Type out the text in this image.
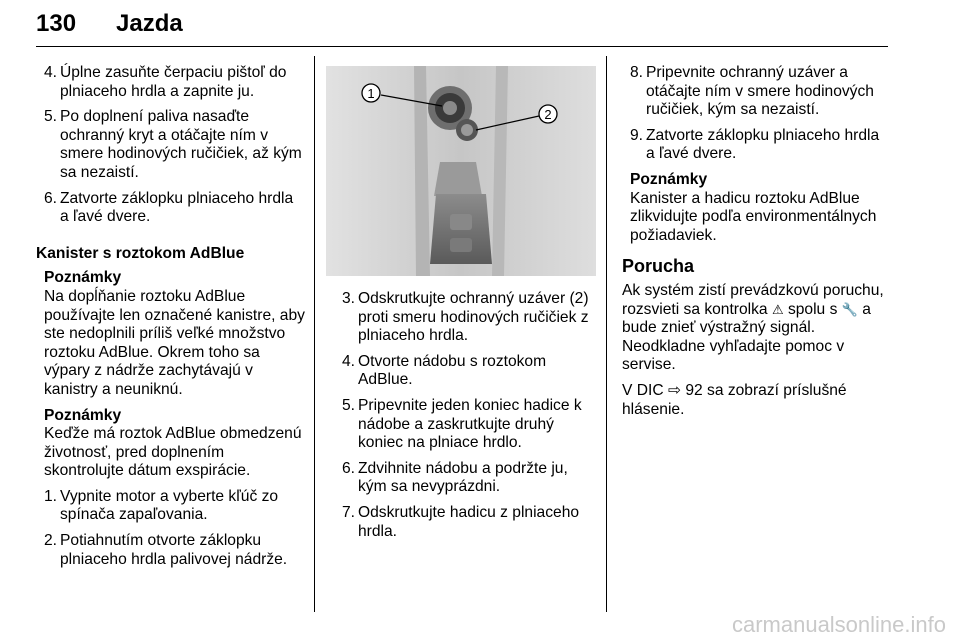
130 Jazda
4. Úplne zasuňte čerpaciu pištoľ do plniaceho hrdla a zapnite ju.
5. Po doplnení paliva nasaďte ochranný kryt a otáčajte ním v smere hodinových ručičiek, až kým sa nezaistí.
6. Zatvorte záklopku plniaceho hrdla a ľavé dvere.
Kanister s roztokom AdBlue
Poznámky
Na dopĺňanie roztoku AdBlue používajte len označené kanistre, aby ste nedoplnili príliš veľké množstvo roztoku AdBlue. Okrem toho sa výpary z nádrže zachytávajú v kanistry a neuniknú.
Poznámky
Keďže má roztok AdBlue obmedzenú životnosť, pred doplnením skontrolujte dátum exspirácie.
1. Vypnite motor a vyberte kľúč zo spínača zapaľovania.
2. Potiahnutím otvorte záklopku plniaceho hrdla palivovej nádrže.
1
2
3. Odskrutkujte ochranný uzáver (2) proti smeru hodinových ručičiek z plniaceho hrdla.
4. Otvorte nádobu s roztokom AdBlue.
5. Pripevnite jeden koniec hadice k nádobe a zaskrutkujte druhý koniec na plniace hrdlo.
6. Zdvihnite nádobu a podržte ju, kým sa nevyprázdni.
7. Odskrutkujte hadicu z plniaceho hrdla.
8. Pripevnite ochranný uzáver a otáčajte ním v smere hodinových ručičiek, kým sa nezaistí.
9. Zatvorte záklopku plniaceho hrdla a ľavé dvere.
Poznámky
Kanister a hadicu roztoku AdBlue zlikvidujte podľa environmentálnych požiadaviek.
Porucha
Ak systém zistí prevádzkovú poruchu, rozsvieti sa kontrolka ⚠ spolu s 🔧 a bude znieť výstražný signál. Neodkladne vyhľadajte pomoc v servise.
V DIC ⇨ 92 sa zobrazí príslušné hlásenie.
carmanualsonline.info
